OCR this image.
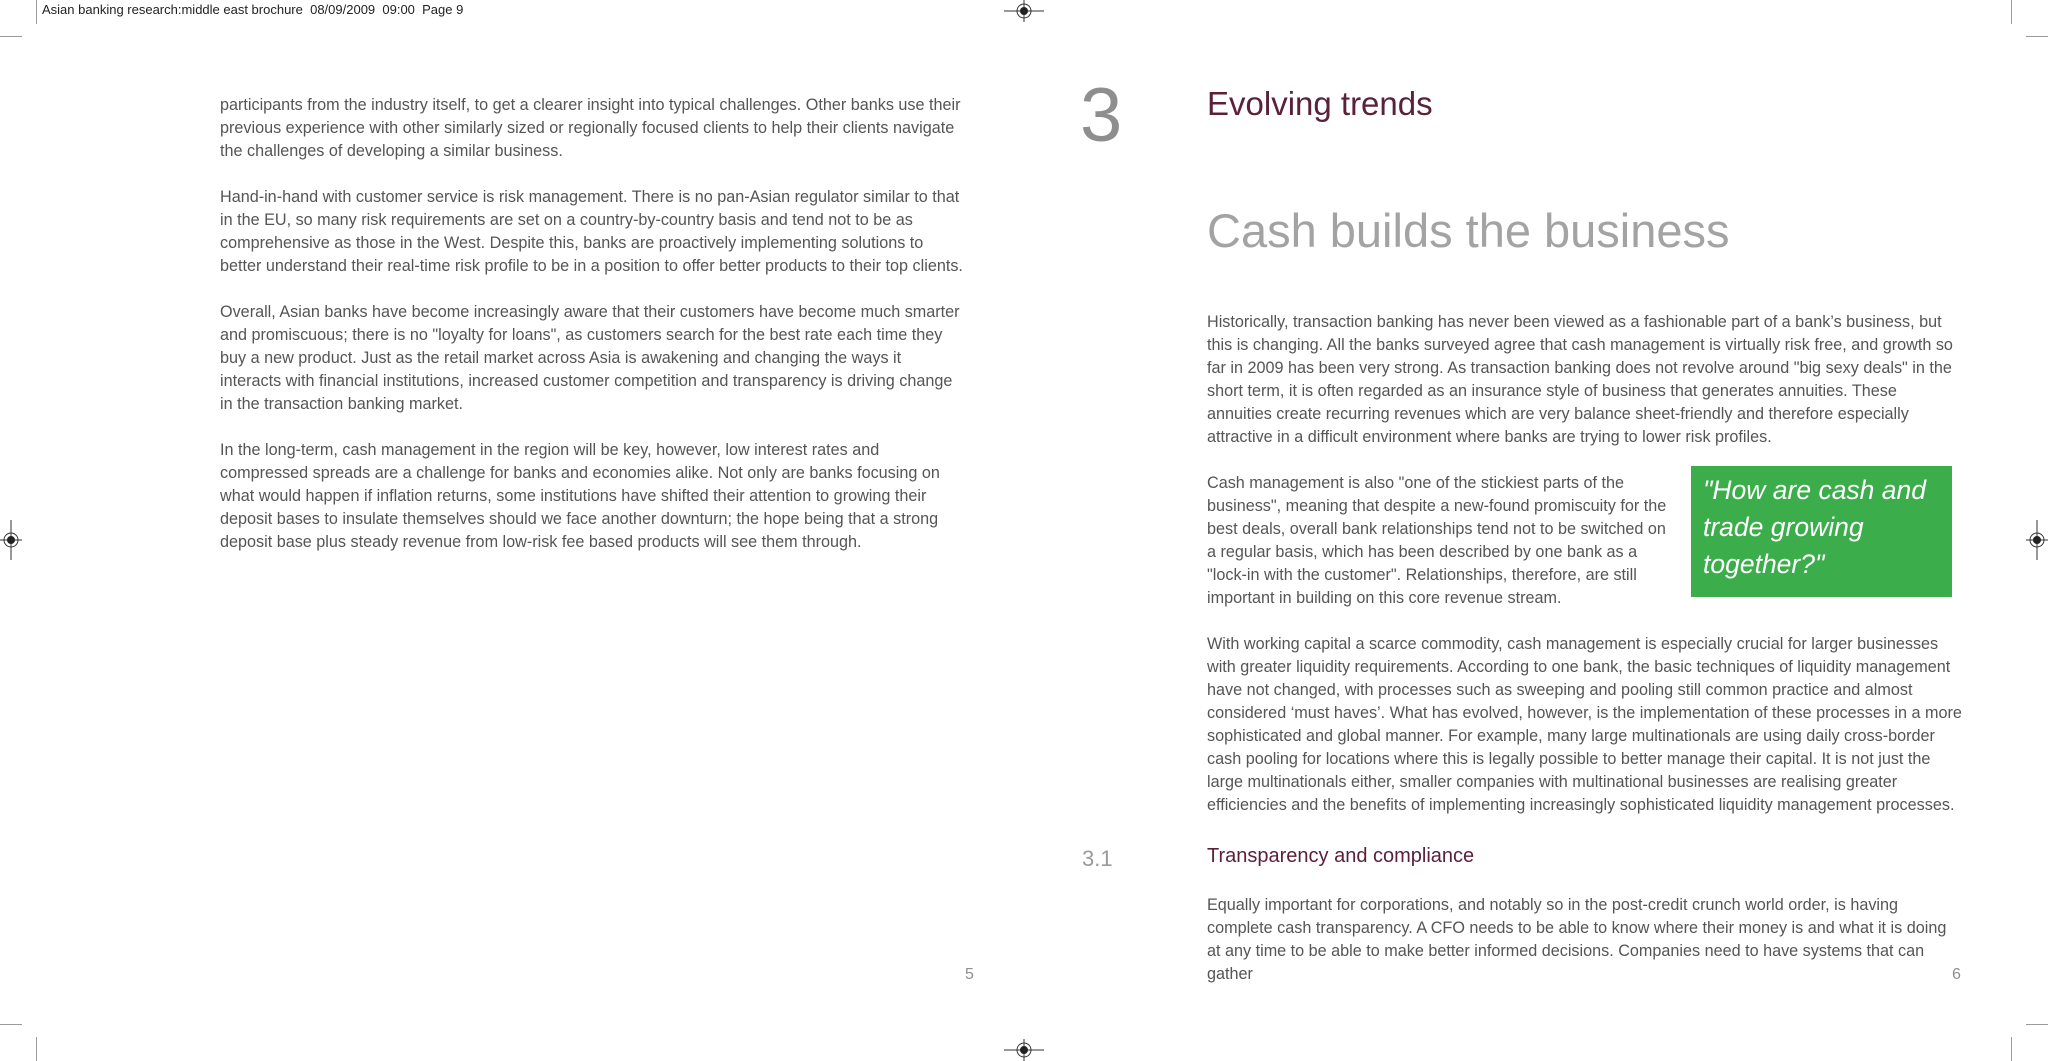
Asian banking research:middle east brochure  08/09/2009  09:00  Page 9

participants from the industry itself, to get a clearer insight into typical challenges. Other banks use their previous experience with other similarly sized or regionally focused clients to help their clients navigate the challenges of developing a similar business.

Hand-in-hand with customer service is risk management. There is no pan-Asian regulator similar to that in the EU, so many risk requirements are set on a country-by-country basis and tend not to be as comprehensive as those in the West. Despite this, banks are proactively implementing solutions to better understand their real-time risk profile to be in a position to offer better products to their top clients.

Overall, Asian banks have become increasingly aware that their customers have become much smarter and promiscuous; there is no "loyalty for loans", as customers search for the best rate each time they buy a new product. Just as the retail market across Asia is awakening and changing the ways it interacts with financial institutions, increased customer competition and transparency is driving change in the transaction banking market.

In the long-term, cash management in the region will be key, however, low interest rates and compressed spreads are a challenge for banks and economies alike. Not only are banks focusing on what would happen if inflation returns, some institutions have shifted their attention to growing their deposit bases to insulate themselves should we face another downturn; the hope being that a strong deposit base plus steady revenue from low-risk fee based products will see them through.

5
3	Evolving trends
Cash builds the business

Historically, transaction banking has never been viewed as a fashionable part of a bank’s business, but this is changing. All the banks surveyed agree that cash management is virtually risk free, and growth so far in 2009 has been very strong. As transaction banking does not revolve around "big sexy deals" in the short term, it is often regarded as an insurance style of business that generates annuities. These annuities create recurring revenues which are very balance sheet-friendly and therefore especially attractive in a difficult environment where banks are trying to lower risk profiles.

Cash management is also "one of the stickiest parts of the business", meaning that despite a new-found promiscuity for the best deals, overall bank relationships tend not to be switched on a regular basis, which has been described by one bank as a "lock-in with the customer". Relationships, therefore, are still important in building on this core revenue stream.

"How are cash and trade growing together?"

With working capital a scarce commodity, cash management is especially crucial for larger businesses with greater liquidity requirements. According to one bank, the basic techniques of liquidity management have not changed, with processes such as sweeping and pooling still common practice and almost considered ‘must haves’. What has evolved, however, is the implementation of these processes in a more sophisticated and global manner. For example, many large multinationals are using daily cross-border cash pooling for locations where this is legally possible to better manage their capital. It is not just the large multinationals either, smaller companies with multinational businesses are realising greater efficiencies and the benefits of implementing increasingly sophisticated liquidity management processes.

3.1	Transparency and compliance

Equally important for corporations, and notably so in the post-credit crunch world order, is having complete cash transparency. A CFO needs to be able to know where their money is and what it is doing at any time to be able to make better informed decisions. Companies need to have systems that can gather	6
